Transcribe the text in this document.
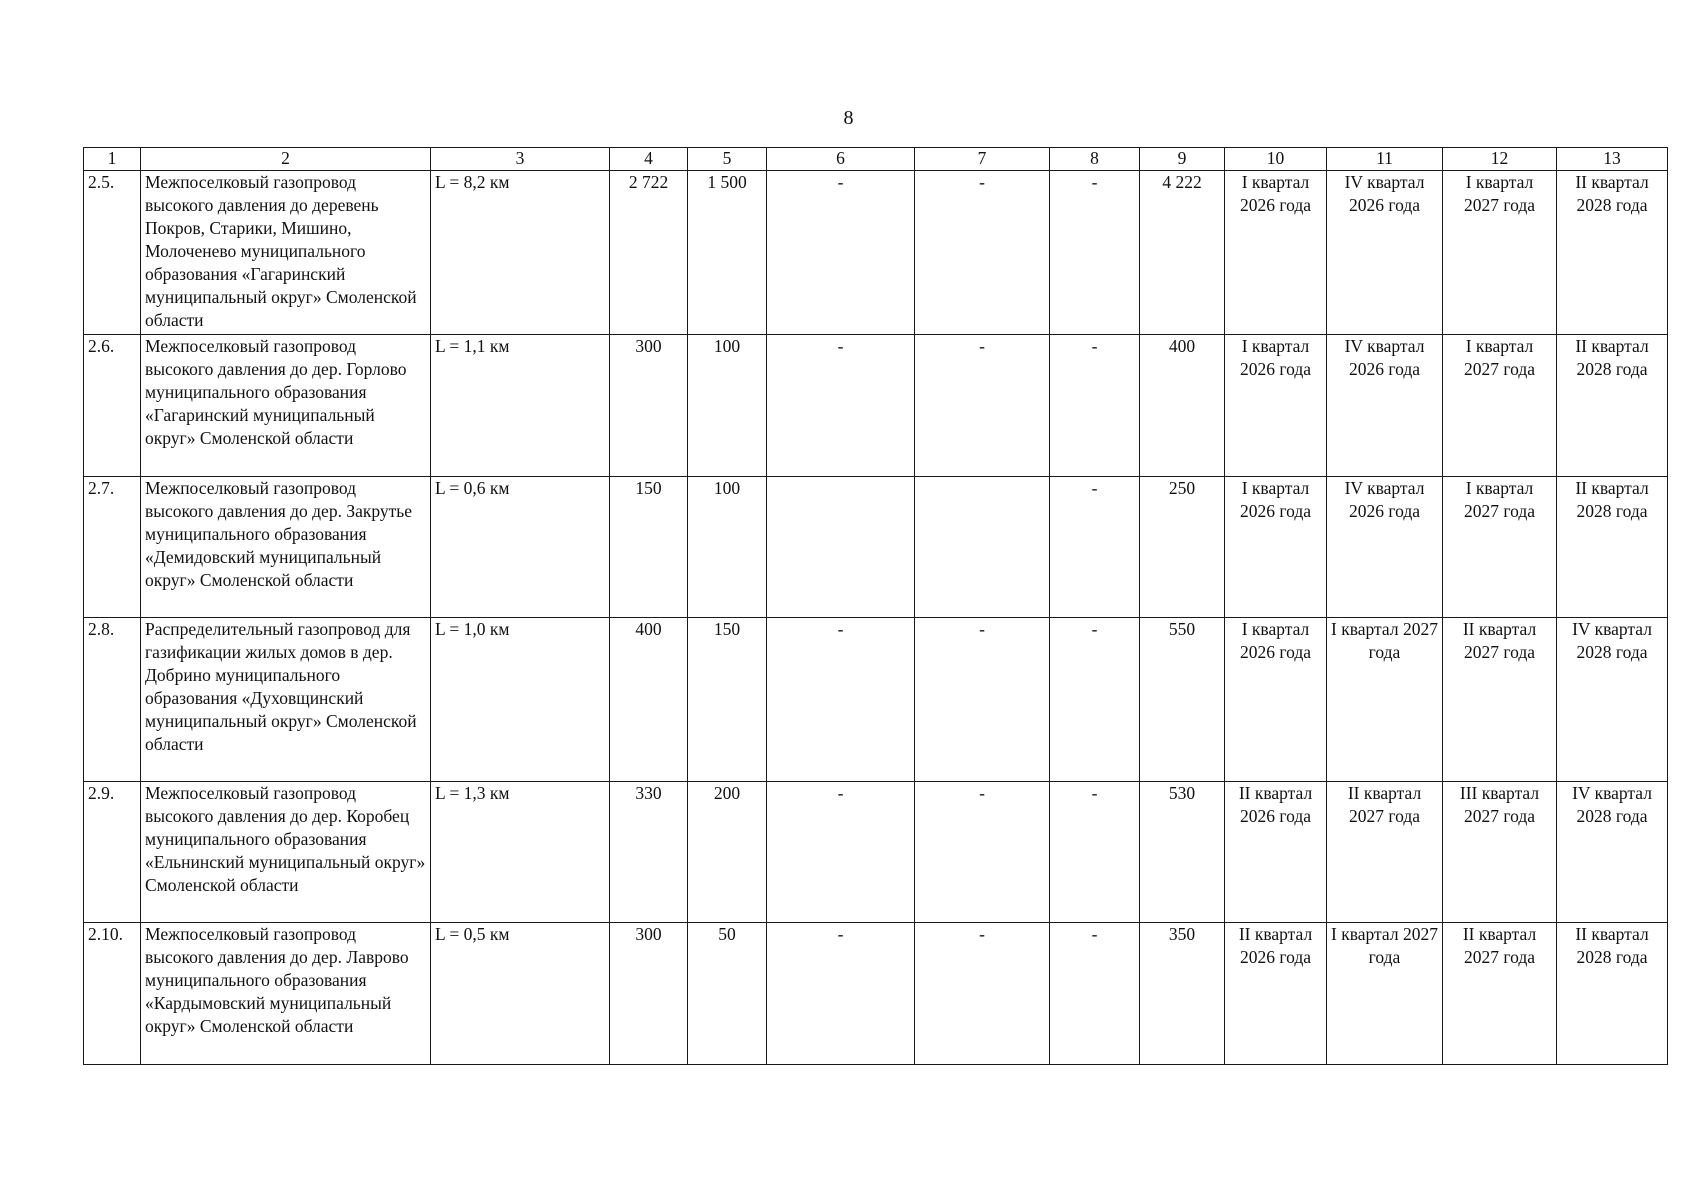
8
1	2	3	4	5	6	7	8	9	10	11	12	13
2.5.	Межпоселковый газопровод высокого давления до деревень Покров, Старики, Мишино, Молоченево муниципального образования «Гагаринский муниципальный округ» Смоленской области	L = 8,2 км	2 722	1 500	-	-	-	4 222	I квартал 2026 года	IV квартал 2026 года	I квартал 2027 года	II квартал 2028 года
2.6.	Межпоселковый газопровод высокого давления до дер. Горлово муниципального образования «Гагаринский муниципальный округ» Смоленской области	L = 1,1 км	300	100	-	-	-	400	I квартал 2026 года	IV квартал 2026 года	I квартал 2027 года	II квартал 2028 года
2.7.	Межпоселковый газопровод высокого давления до дер. Закрутье муниципального образования «Демидовский муниципальный округ» Смоленской области	L = 0,6 км	150	100			-	250	I квартал 2026 года	IV квартал 2026 года	I квартал 2027 года	II квартал 2028 года
2.8.	Распределительный газопровод для газификации жилых домов в дер. Добрино муниципального образования «Духовщинский муниципальный округ» Смоленской области	L = 1,0 км	400	150	-	-	-	550	I квартал 2026 года	I квартал 2027 года	II квартал 2027 года	IV квартал 2028 года
2.9.	Межпоселковый газопровод высокого давления до дер. Коробец муниципального образования «Ельнинский муниципальный округ» Смоленской области	L = 1,3 км	330	200	-	-	-	530	II квартал 2026 года	II квартал 2027 года	III квартал 2027 года	IV квартал 2028 года
2.10.	Межпоселковый газопровод высокого давления до дер. Лаврово муниципального образования «Кардымовский муниципальный округ» Смоленской области	L = 0,5 км	300	50	-	-	-	350	II квартал 2026 года	I квартал 2027 года	II квартал 2027 года	II квартал 2028 года
